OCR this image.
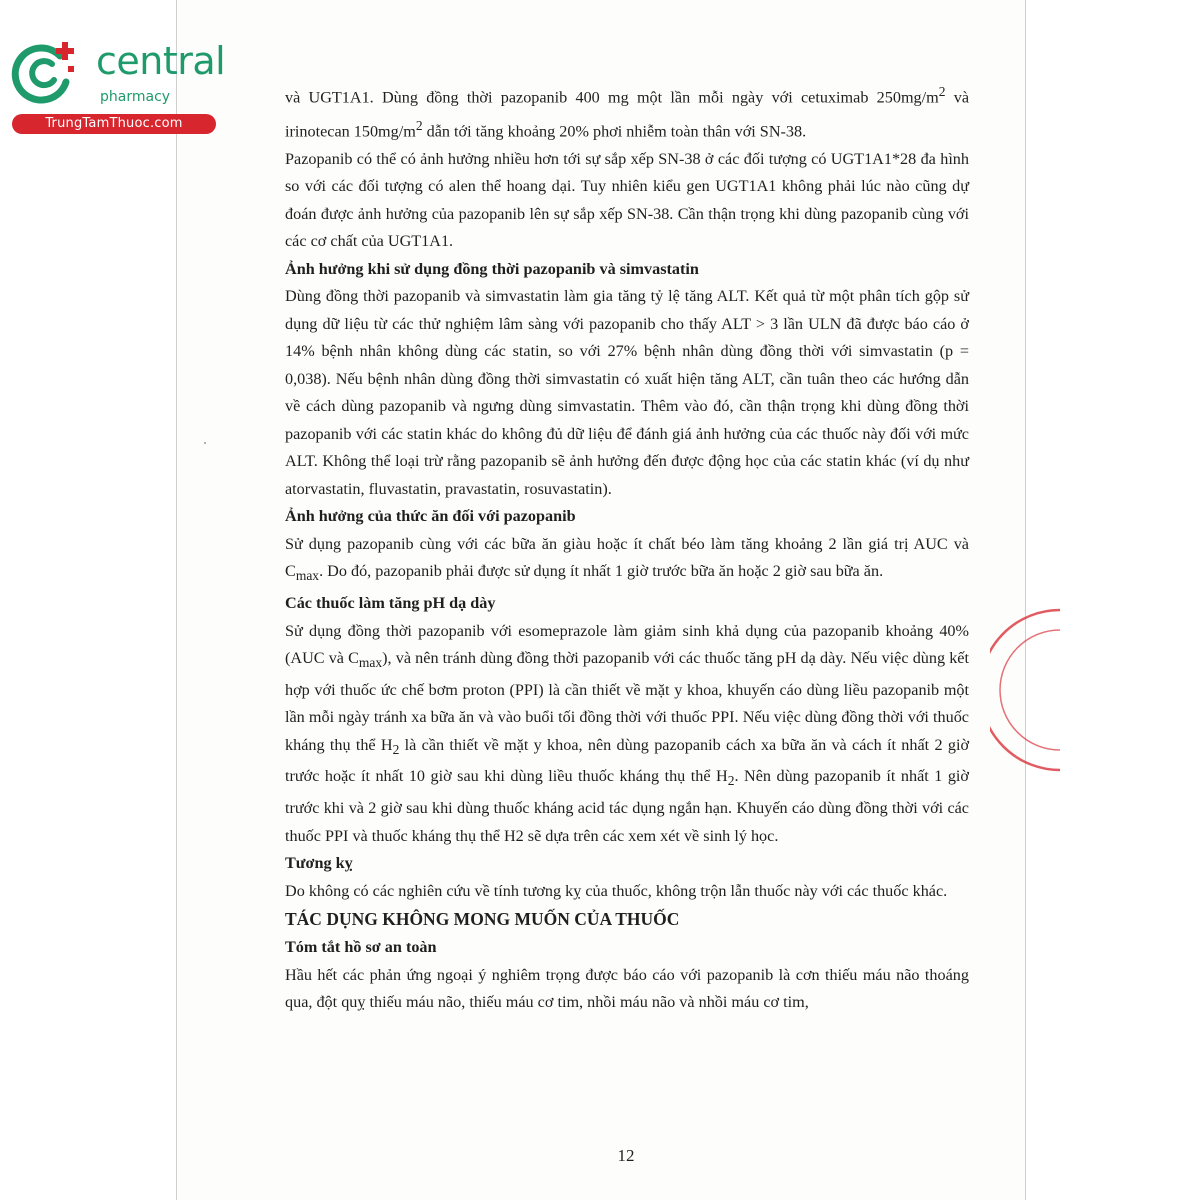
central
pharmacy
TrungTamThuoc.com

và UGT1A1. Dùng đồng thời pazopanib 400 mg một lần mỗi ngày với cetuximab $250mg/m^2$ và irinotecan $150mg/m^2$ dẫn tới tăng khoảng 20% phơi nhiễm toàn thân với SN-38.

Pazopanib có thể có ảnh hưởng nhiều hơn tới sự sắp xếp SN-38 ở các đối tượng có UGT1A1*28 đa hình so với các đối tượng có alen thể hoang dại. Tuy nhiên kiểu gen UGT1A1 không phải lúc nào cũng dự đoán được ảnh hưởng của pazopanib lên sự sắp xếp SN-38. Cần thận trọng khi dùng pazopanib cùng với các cơ chất của UGT1A1.

Ảnh hưởng khi sử dụng đồng thời pazopanib và simvastatin

Dùng đồng thời pazopanib và simvastatin làm gia tăng tỷ lệ tăng ALT. Kết quả từ một phân tích gộp sử dụng dữ liệu từ các thử nghiệm lâm sàng với pazopanib cho thấy ALT > 3 lần ULN đã được báo cáo ở 14% bệnh nhân không dùng các statin, so với 27% bệnh nhân dùng đồng thời với simvastatin (p = 0,038). Nếu bệnh nhân dùng đồng thời simvastatin có xuất hiện tăng ALT, cần tuân theo các hướng dẫn về cách dùng pazopanib và ngưng dùng simvastatin. Thêm vào đó, cần thận trọng khi dùng đồng thời pazopanib với các statin khác do không đủ dữ liệu để đánh giá ảnh hưởng của các thuốc này đối với mức ALT. Không thể loại trừ rằng pazopanib sẽ ảnh hưởng đến được động học của các statin khác (ví dụ như atorvastatin, fluvastatin, pravastatin, rosuvastatin).

Ảnh hưởng của thức ăn đối với pazopanib

Sử dụng pazopanib cùng với các bữa ăn giàu hoặc ít chất béo làm tăng khoảng 2 lần giá trị AUC và $C_{max}$. Do đó, pazopanib phải được sử dụng ít nhất 1 giờ trước bữa ăn hoặc 2 giờ sau bữa ăn.

Các thuốc làm tăng pH dạ dày

Sử dụng đồng thời pazopanib với esomeprazole làm giảm sinh khả dụng của pazopanib khoảng 40% (AUC và $C_{max}$), và nên tránh dùng đồng thời pazopanib với các thuốc tăng pH dạ dày. Nếu việc dùng kết hợp với thuốc ức chế bơm proton (PPI) là cần thiết về mặt y khoa, khuyến cáo dùng liều pazopanib một lần mỗi ngày tránh xa bữa ăn và vào buổi tối đồng thời với thuốc PPI. Nếu việc dùng đồng thời với thuốc kháng thụ thể $H_2$ là cần thiết về mặt y khoa, nên dùng pazopanib cách xa bữa ăn và cách ít nhất 2 giờ trước hoặc ít nhất 10 giờ sau khi dùng liều thuốc kháng thụ thể $H_2$. Nên dùng pazopanib ít nhất 1 giờ trước khi và 2 giờ sau khi dùng thuốc kháng acid tác dụng ngắn hạn. Khuyến cáo dùng đồng thời với các thuốc PPI và thuốc kháng thụ thể H2 sẽ dựa trên các xem xét về sinh lý học.

Tương kỵ

Do không có các nghiên cứu về tính tương kỵ của thuốc, không trộn lẫn thuốc này với các thuốc khác.

TÁC DỤNG KHÔNG MONG MUỐN CỦA THUỐC
Tóm tắt hồ sơ an toàn

Hầu hết các phản ứng ngoại ý nghiêm trọng được báo cáo với pazopanib là cơn thiếu máu não thoáng qua, đột quỵ thiếu máu não, thiếu máu cơ tim, nhồi máu não và nhồi máu cơ tim,

12
